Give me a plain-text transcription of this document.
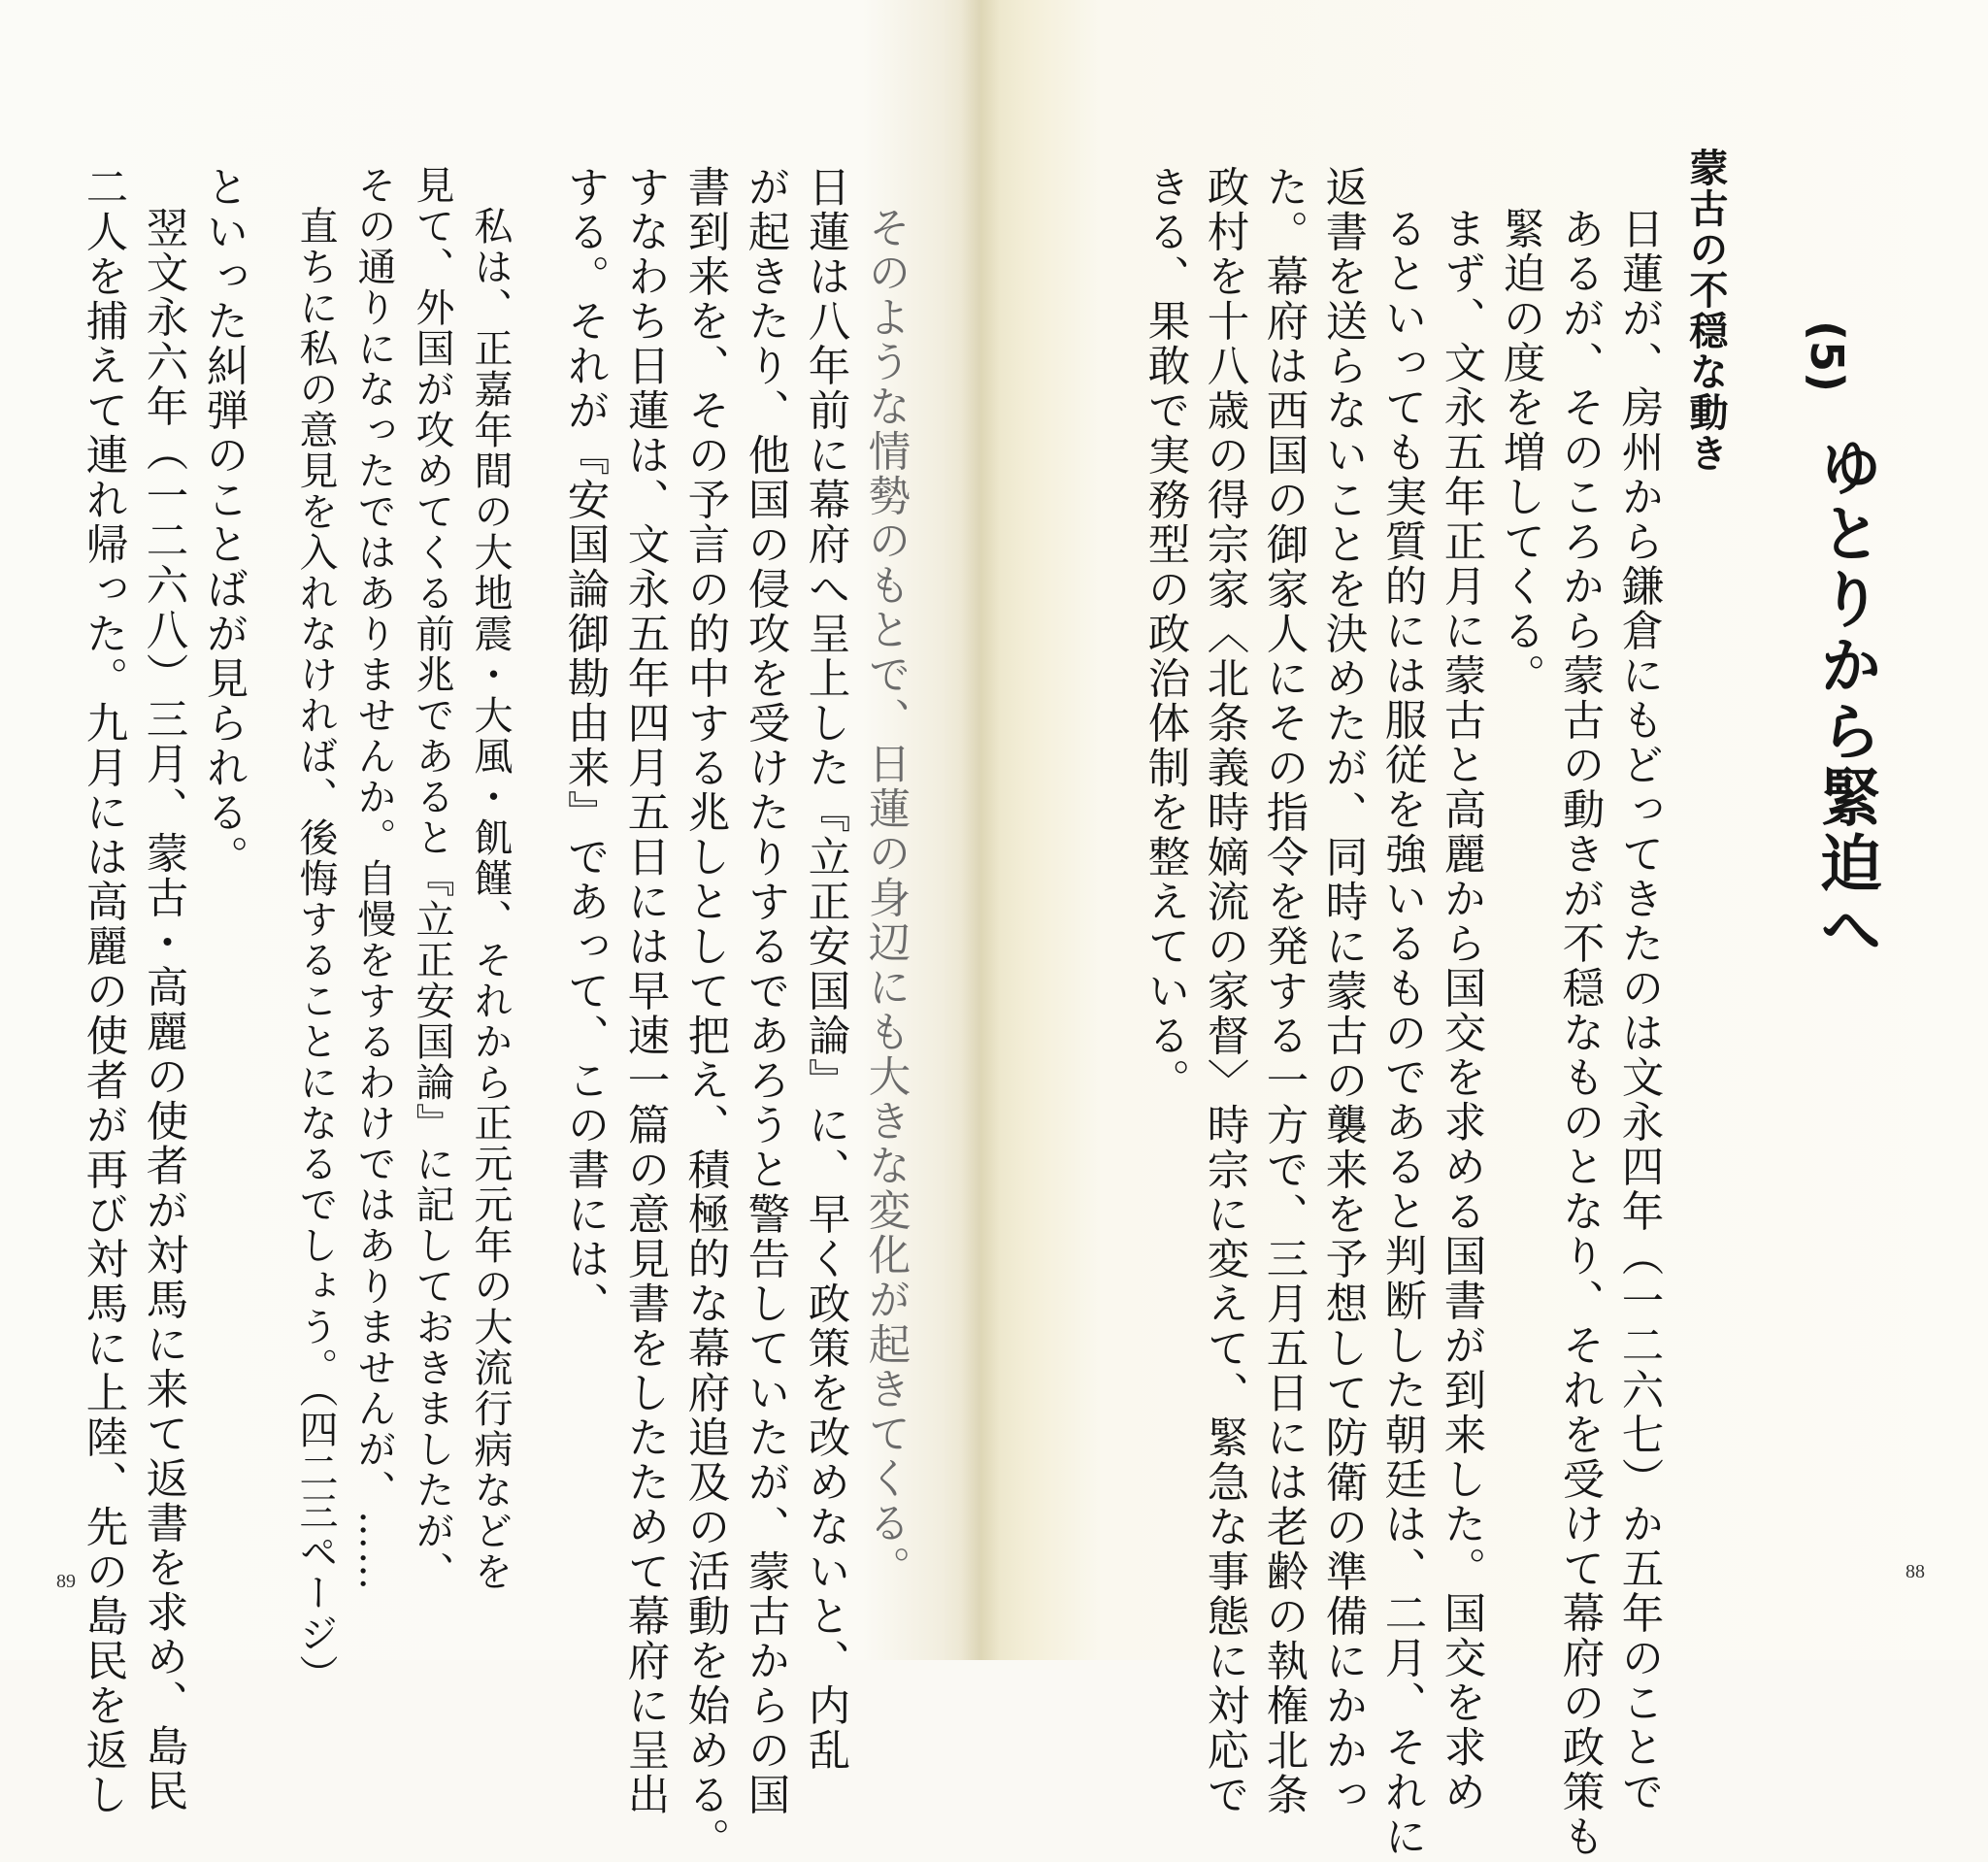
(5)
ゆとりから緊迫へ
蒙古の不穏な動き

日蓮が、房州から鎌倉にもどってきたのは文永四年（一二六七）か五年のことで

あるが、そのころから蒙古の動きが不穏なものとなり、それを受けて幕府の政策も

緊迫の度を増してくる。

まず、文永五年正月に蒙古と高麗から国交を求める国書が到来した。国交を求め

るといっても実質的には服従を強いるものであると判断した朝廷は、二月、それに

返書を送らないことを決めたが、同時に蒙古の襲来を予想して防衛の準備にかかっ

た。幕府は西国の御家人にその指令を発する一方で、三月五日には老齢の執権北条

政村を十八歳の得宗家〈北条義時嫡流の家督〉時宗に変えて、緊急な事態に対応で

きる、果敢で実務型の政治体制を整えている。

88

そのような情勢のもとで、日蓮の身辺にも大きな変化が起きてくる。

日蓮は八年前に幕府へ呈上した『立正安国論』に、早く政策を改めないと、内乱

が起きたり、他国の侵攻を受けたりするであろうと警告していたが、蒙古からの国

書到来を、その予言の的中する兆しとして把え、積極的な幕府追及の活動を始める。

すなわち日蓮は、文永五年四月五日には早速一篇の意見書をしたためて幕府に呈出

する。それが『安国論御勘由来』であって、この書には、

私は、正嘉年間の大地震・大風・飢饉、それから正元元年の大流行病などを

見て、外国が攻めてくる前兆であると『立正安国論』に記しておきましたが、

その通りになったではありませんか。自慢をするわけではありませんが、……

直ちに私の意見を入れなければ、後悔することになるでしょう。（四二三ページ）

といった糾弾のことばが見られる。

翌文永六年（一二六八）三月、蒙古・高麗の使者が対馬に来て返書を求め、島民

二人を捕えて連れ帰った。九月には高麗の使者が再び対馬に上陸、先の島民を返し

89
